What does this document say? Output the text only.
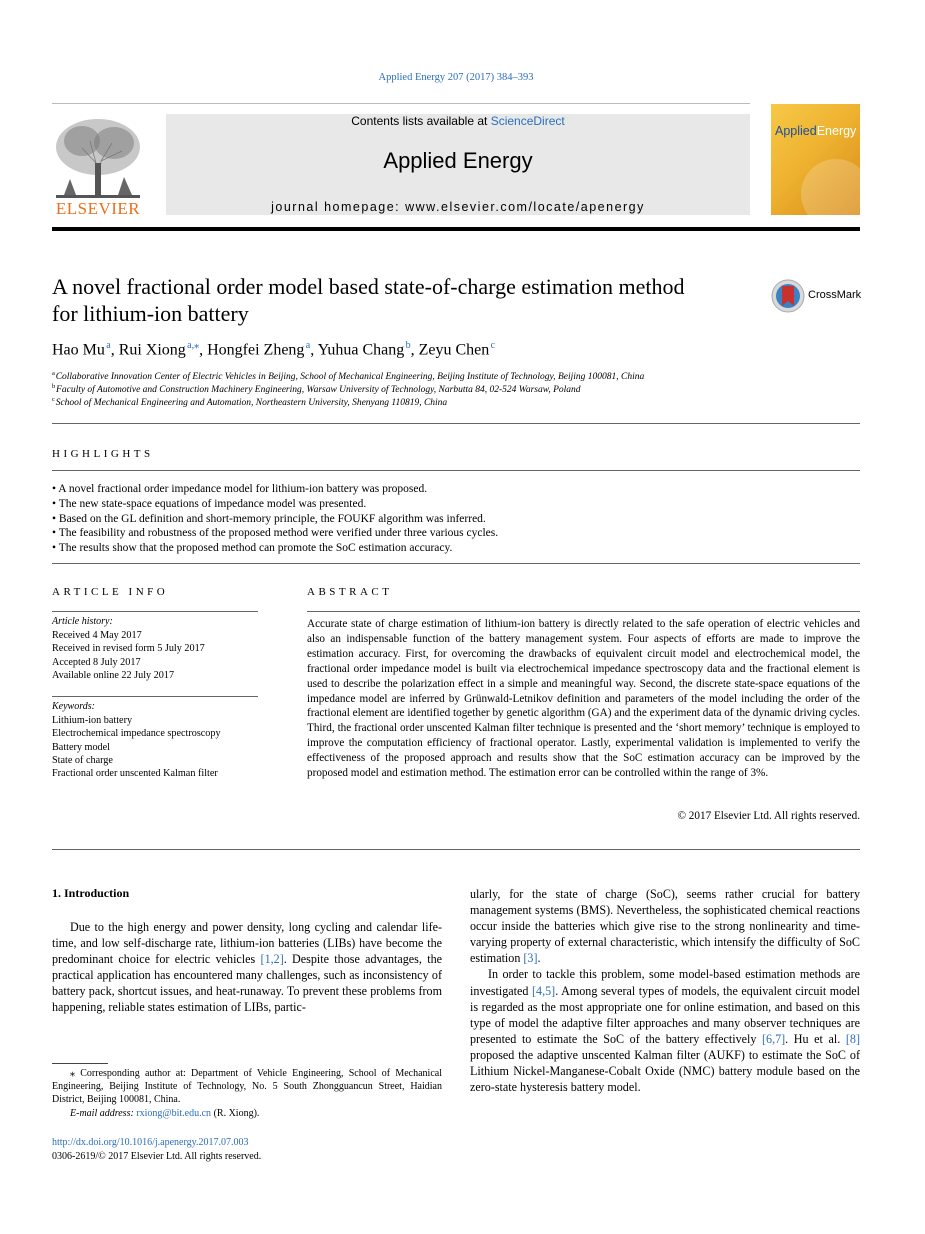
Applied Energy 207 (2017) 384–393
ELSEVIER
Contents lists available at ScienceDirect
Applied Energy
journal homepage: www.elsevier.com/locate/apenergy
AppliedEnergy
A novel fractional order model based state-of-charge estimation method
for lithium-ion battery
CrossMark
Hao Mu $^a$, Rui Xiong $^{a,⁎}$, Hongfei Zheng $^a$, Yuhua Chang $^b$, Zeyu Chen $^c$
$^a$ Collaborative Innovation Center of Electric Vehicles in Beijing, School of Mechanical Engineering, Beijing Institute of Technology, Beijing 100081, China
$^b$ Faculty of Automotive and Construction Machinery Engineering, Warsaw University of Technology, Narbutta 84, 02-524 Warsaw, Poland
$^c$ School of Mechanical Engineering and Automation, Northeastern University, Shenyang 110819, China
HIGHLIGHTS
• A novel fractional order impedance model for lithium-ion battery was proposed.
• The new state-space equations of impedance model was presented.
• Based on the GL definition and short-memory principle, the FOUKF algorithm was inferred.
• The feasibility and robustness of the proposed method were verified under three various cycles.
• The results show that the proposed method can promote the SoC estimation accuracy.
ARTICLE INFO
Article history:
Received 4 May 2017
Received in revised form 5 July 2017
Accepted 8 July 2017
Available online 22 July 2017
Keywords:
Lithium-ion battery
Electrochemical impedance spectroscopy
Battery model
State of charge
Fractional order unscented Kalman filter
ABSTRACT
Accurate state of charge estimation of lithium-ion battery is directly related to the safe operation of electric vehicles and also an indispensable function of the battery management system. Four aspects of efforts are made to improve the estimation accuracy. First, for overcoming the drawbacks of equivalent circuit model and electrochemical model, the fractional order impedance model is built via electrochemical impedance spectroscopy data and the fractional element is used to describe the polarization effect in a simple and meaningful way. Second, the discrete state-space equations of the impedance model are inferred by Grünwald-Letnikov definition and parameters of the model including the order of the fractional element are identified together by genetic algorithm (GA) and the experiment data of the dynamic driving cycles. Third, the fractional order unscented Kalman filter technique is presented and the ‘short memory’ technique is employed to improve the computation efficiency of fractional operator. Lastly, experimental validation is implemented to verify the effectiveness of the proposed approach and results show that the SoC estimation accuracy can be improved by the proposed model and estimation method. The estimation error can be controlled within the range of 3%.
© 2017 Elsevier Ltd. All rights reserved.
1. Introduction

Due to the high energy and power density, long cycling and calendar life-time, and low self-discharge rate, lithium-ion batteries (LIBs) have become the predominant choice for electric vehicles [1,2]. Despite those advantages, the practical application has encountered many challenges, such as inconsistency of battery pack, shortcut issues, and heat-runaway. To prevent these problems from happening, reliable states estimation of LIBs, partic-

ularly, for the state of charge (SoC), seems rather crucial for battery management systems (BMS). Nevertheless, the sophisticated chemical reactions occur inside the batteries which give rise to the strong nonlinearity and time-varying property of external characteristic, which intensify the difficulty of SoC estimation [3].

In order to tackle this problem, some model-based estimation methods are investigated [4,5]. Among several types of models, the equivalent circuit model is regarded as the most appropriate one for online estimation, and based on this type of model the adaptive filter approaches and many observer techniques are presented to estimate the SoC of the battery effectively [6,7]. Hu et al. [8] proposed the adaptive unscented Kalman filter (AUKF) to estimate the SoC of Lithium Nickel-Manganese-Cobalt Oxide (NMC) battery module based on the zero-state hysteresis battery model.

⁎ Corresponding author at: Department of Vehicle Engineering, School of Mechanical Engineering, Beijing Institute of Technology, No. 5 South Zhongguancun Street, Haidian District, Beijing 100081, China.
E-mail address: rxiong@bit.edu.cn (R. Xiong).
http://dx.doi.org/10.1016/j.apenergy.2017.07.003
0306-2619/© 2017 Elsevier Ltd. All rights reserved.
